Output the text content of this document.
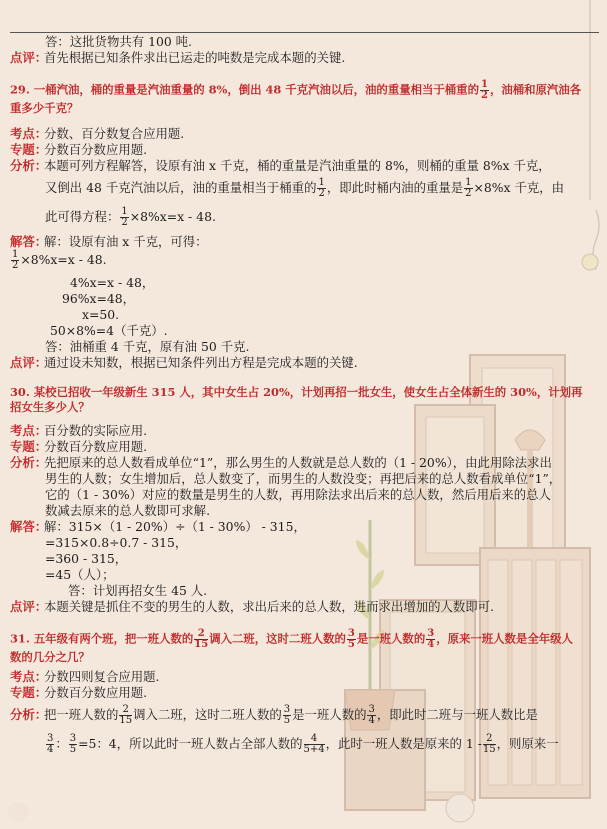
答：这批货物共有 100 吨.
点评：首先根据已知条件求出已运走的吨数是完成本题的关键.
29. 一桶汽油，桶的重量是汽油重量的 8%，倒出 48 千克汽油以后，油的重量相当于桶重的 $\frac{1}{2}$ ，油桶和原汽油各重多少千克？
考点：分数、百分数复合应用题.
专题：分数百分数应用题.
分析：本题可列方程解答，设原有油 x 千克，桶的重量是汽油重量的 8%，则桶的重量 8%x 千克，
又倒出 48 千克汽油以后，油的重量相当于桶重的 $\frac{1}{2}$ ，即此时桶内油的重量是 $\frac{1}{2} \times 8\%x$ 千克，由
此可得方程： $\frac{1}{2} \times 8\%x=x - 48$.
解答：解：设原有油 x 千克，可得：
$\frac{1}{2} \times 8\%x=x - 48$.
4%x=x - 48，
96%x=48，
x=50.
50×8%=4（千克）.
答：油桶重 4 千克，原有油 50 千克.
点评：通过设未知数，根据已知条件列出方程是完成本题的关键.
30. 某校已招收一年级新生 315 人，其中女生占 20%，计划再招一批女生，使女生占全体新生的 30%，计划再招女生多少人？
考点：百分数的实际应用.
专题：分数百分数应用题.
分析：先把原来的总人数看成单位“1”，那么男生的人数就是总人数的（1 - 20%），由此用除法求出
男生的人数；女生增加后，总人数变了，而男生的人数没变；再把后来的总人数看成单位“1”，
它的（1 - 30%）对应的数量是男生的人数，再用除法求出后来的总人数，然后用后来的总人
数减去原来的总人数即可求解.
解答：解：315×（1 - 20%）÷（1 - 30%） - 315，
=315×0.8÷0.7 - 315，
=360 - 315，
=45（人）；
答：计划再招女生 45 人.
点评：本题关键是抓住不变的男生的人数，求出后来的总人数，进而求出增加的人数即可.
31. 五年级有两个班，把一班人数的 $\frac{2}{15}$ 调入二班，这时二班人数的 $\frac{3}{5}$ 是一班人数的 $\frac{3}{4}$ ，原来一班人数是全年级人
数的几分之几？
考点：分数四则复合应用题.
专题：分数百分数应用题.
分析：把一班人数的 $\frac{2}{15}$ 调入二班，这时二班人数的 $\frac{3}{5}$ 是一班人数的 $\frac{3}{4}$ ，即此时二班与一班人数比是
$\frac{3}{4}$ ： $\frac{3}{5} =5$：4，所以此时一班人数占全部人数的 $\frac{4}{5+4}$ ，此时一班人数是原来的 $1 - \frac{2}{15}$ ，则原来一
